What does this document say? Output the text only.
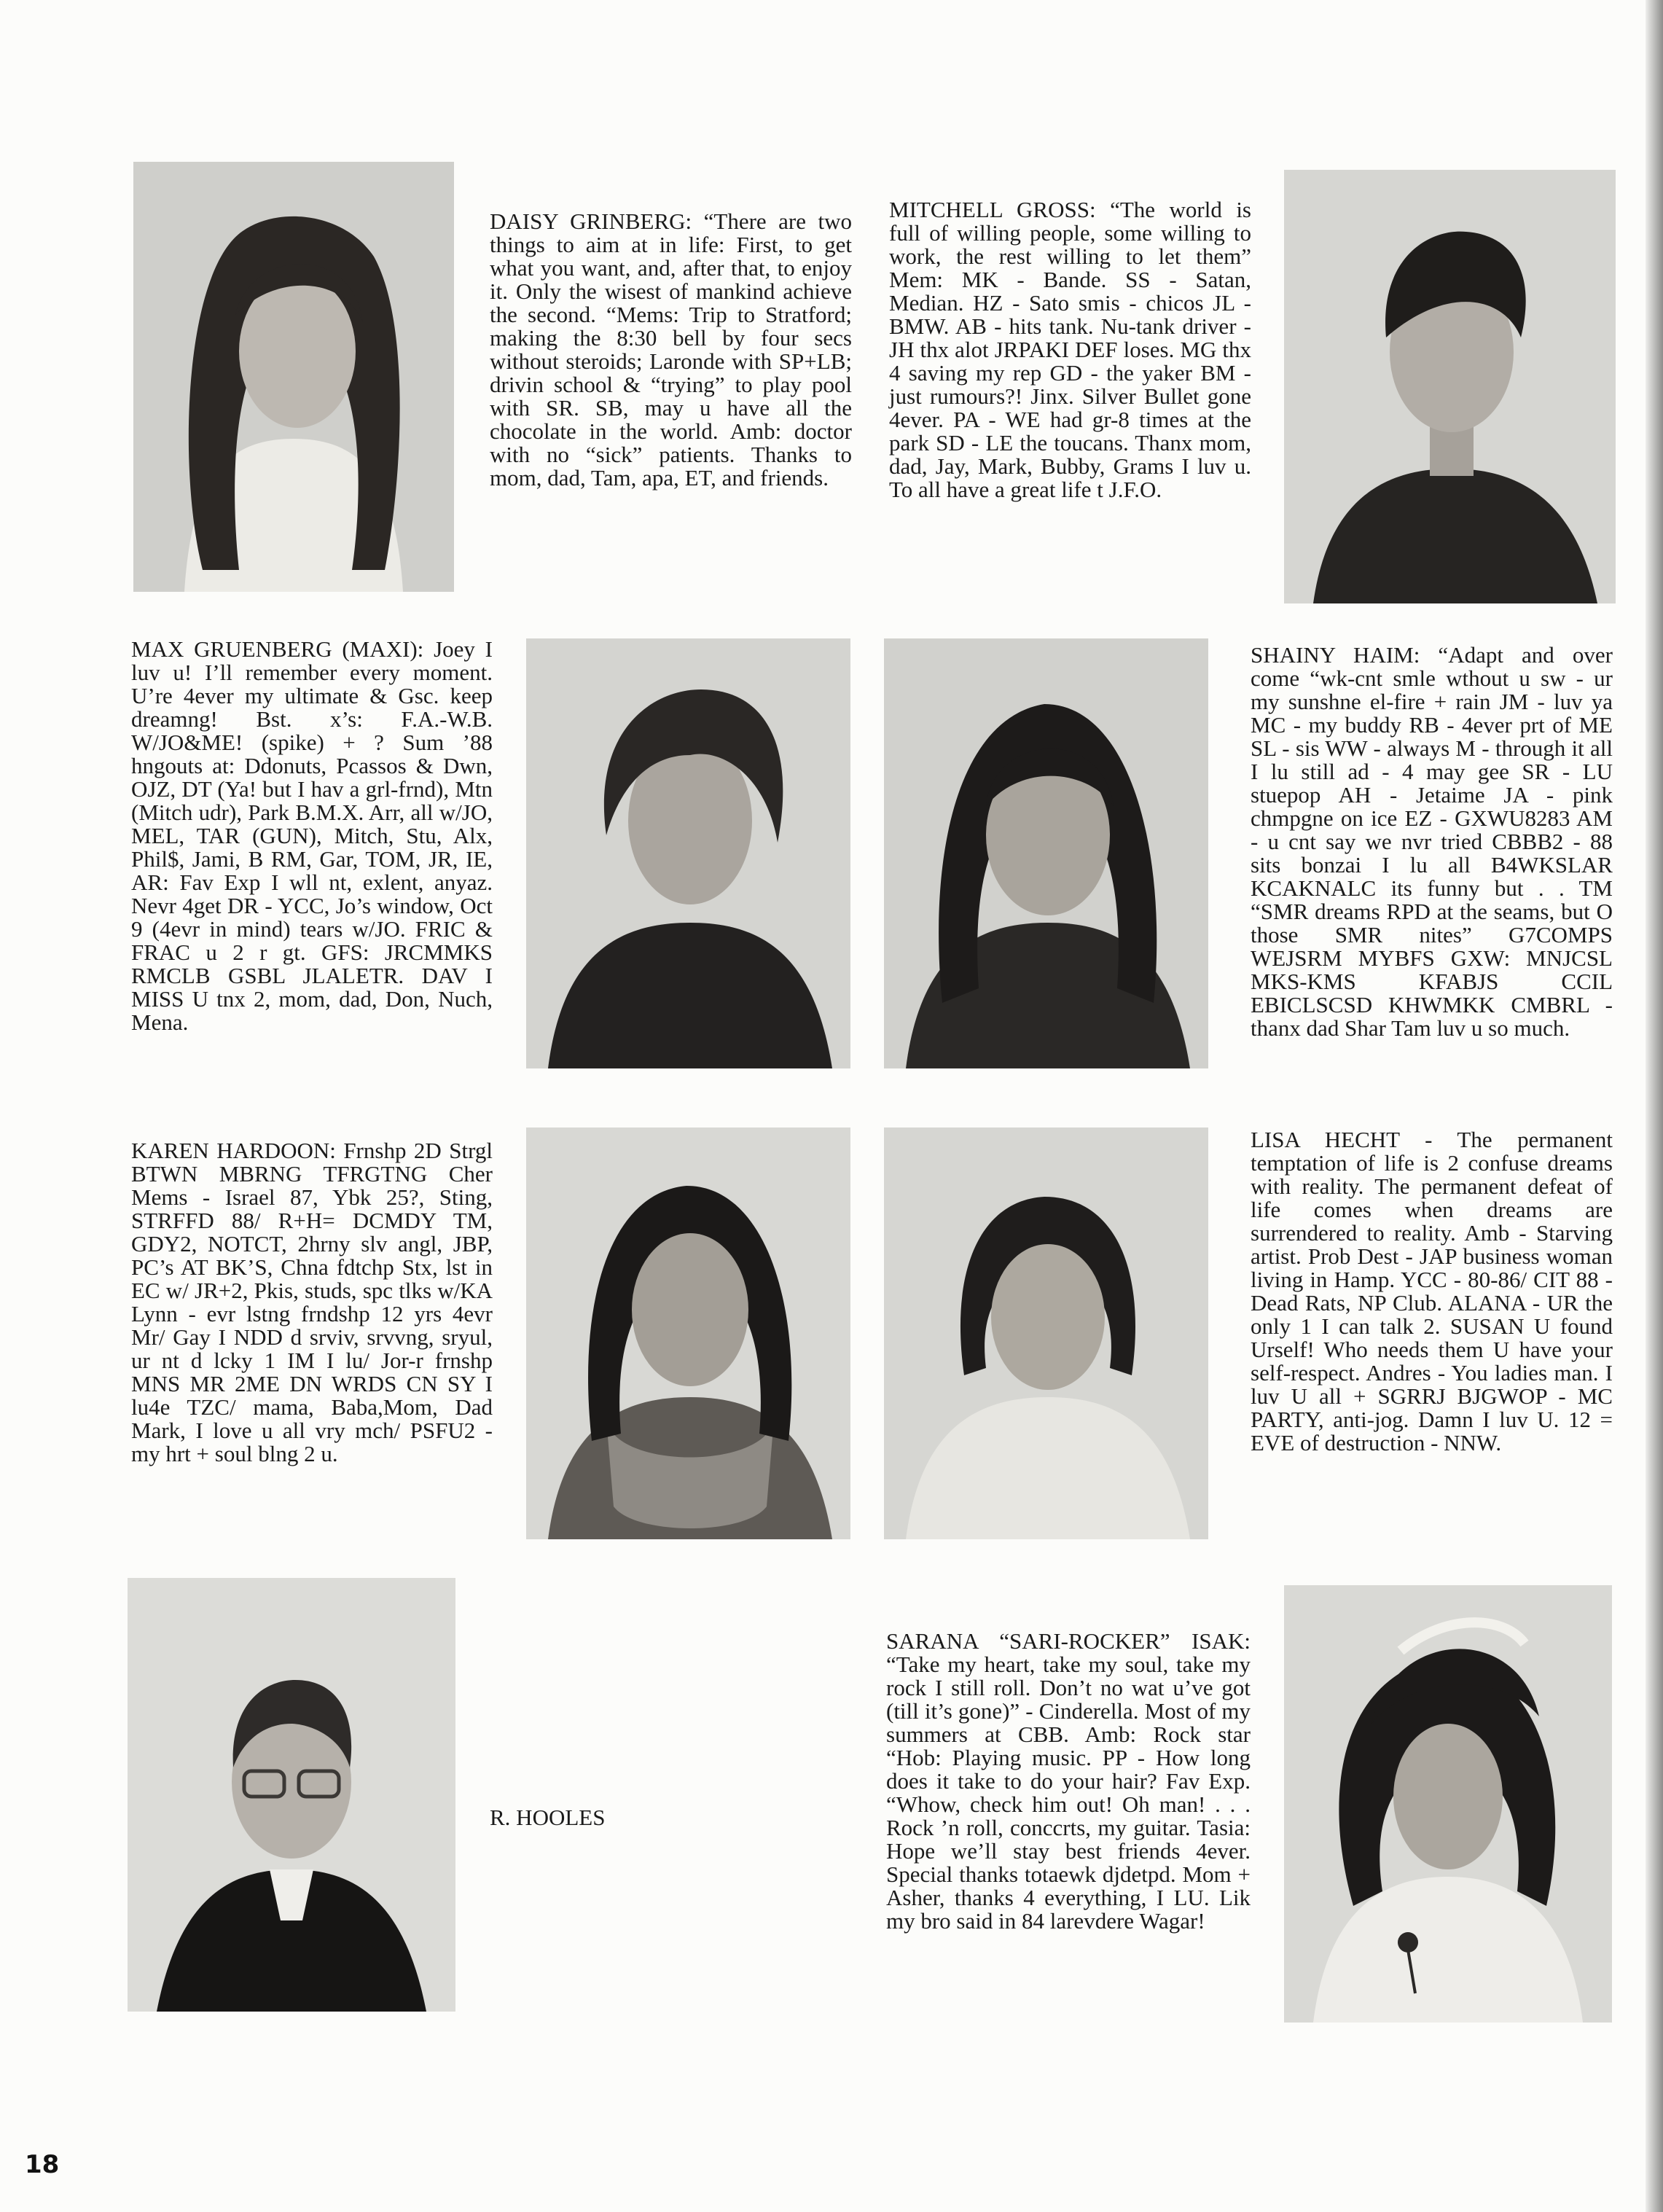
DAISY GRINBERG: “There are two things to aim at in life: First, to get what you want, and, after that, to enjoy it. Only the wisest of mankind achieve the second. “Mems: Trip to Stratford; making the 8:30 bell by four secs without steroids; Laronde with SP+LB; drivin school & “trying” to play pool with SR. SB, may u have all the chocolate in the world. Amb: doctor with no “sick” patients. Thanks to mom, dad, Tam, apa, ET, and friends.
MITCHELL GROSS: “The world is full of willing people, some willing to work, the rest willing to let them” Mem: MK - Bande. SS - Satan, Median. HZ - Sato smis - chicos JL - BMW. AB - hits tank. Nu-tank driver - JH thx alot JRPAKI DEF loses. MG thx 4 saving my rep GD - the yaker BM - just rumours?! Jinx. Silver Bullet gone 4ever. PA - WE had gr-8 times at the park SD - LE the toucans. Thanx mom, dad, Jay, Mark, Bubby, Grams I luv u. To all have a great life t J.F.O.
MAX GRUENBERG (MAXI): Joey I luv u! I’ll remember every moment. U’re 4ever my ultimate & Gsc. keep dreamng! Bst. x’s: F.A.-W.B. W/JO&ME! (spike) + ? Sum ’88 hngouts at: Ddonuts, Pcassos & Dwn, OJZ, DT (Ya! but I hav a grl-frnd), Mtn (Mitch udr), Park B.M.X. Arr, all w/JO, MEL, TAR (GUN), Mitch, Stu, Alx, Phil$, Jami, B RM, Gar, TOM, JR, IE, AR: Fav Exp I wll nt, exlent, anyaz. Nevr 4get DR - YCC, Jo’s window, Oct 9 (4evr in mind) tears w/JO. FRIC & FRAC u 2 r gt. GFS: JRCMMKS RMCLB GSBL JLALETR. DAV I MISS U tnx 2, mom, dad, Don, Nuch, Mena.
SHAINY HAIM: “Adapt and over come “wk-cnt smle wthout u sw - ur my sunshne el-fire + rain JM - luv ya MC - my buddy RB - 4ever prt of ME SL - sis WW - always M - through it all I lu still ad - 4 may gee SR - LU stuepop AH - Jetaime JA - pink chmpgne on ice EZ - GXWU8283 AM - u cnt say we nvr tried CBBB2 - 88 sits bonzai I lu all B4WKSLAR KCAKNALC its funny but . . TM “SMR dreams RPD at the seams, but O those SMR nites” G7COMPS WEJSRM MYBFS GXW: MNJCSL MKS-KMS KFABJS CCIL EBICLSCSD KHWMKK CMBRL - thanx dad Shar Tam luv u so much.
KAREN HARDOON: Frnshp 2D Strgl BTWN MBRNG TFRGTNG Cher Mems - Israel 87, Ybk 25?, Sting, STRFFD 88/ R+H= DCMDY TM, GDY2, NOTCT, 2hrny slv angl, JBP, PC’s AT BK’S, Chna fdtchp Stx, lst in EC w/ JR+2, Pkis, studs, spc tlks w/KA Lynn - evr lstng frndshp 12 yrs 4evr Mr/ Gay I NDD d srviv, srvvng, sryul, ur nt d lcky 1 IM I lu/ Jor-r frnshp MNS MR 2ME DN WRDS CN SY I lu4e TZC/ mama, Baba,Mom, Dad Mark, I love u all vry mch/ PSFU2 - my hrt + soul blng 2 u.
LISA HECHT - The permanent temptation of life is 2 confuse dreams with reality. The permanent defeat of life comes when dreams are surrendered to reality. Amb - Starving artist. Prob Dest - JAP business woman living in Hamp. YCC - 80-86/ CIT 88 - Dead Rats, NP Club. ALANA - UR the only 1 I can talk 2. SUSAN U found Urself! Who needs them U have your self-respect. Andres - You ladies man. I luv U all + SGRRJ BJGWOP - MC PARTY, anti-jog. Damn I luv U. 12 = EVE of destruction - NNW.
R. HOOLES
SARANA “SARI-ROCKER” ISAK: “Take my heart, take my soul, take my rock I still roll. Don’t no wat u’ve got (till it’s gone)” - Cinderella. Most of my summers at CBB. Amb: Rock star “Hob: Playing music. PP - How long does it take to do your hair? Fav Exp. “Whow, check him out! Oh man! . . . Rock ’n roll, conccrts, my guitar. Tasia: Hope we’ll stay best friends 4ever. Special thanks totaewk djdetpd. Mom + Asher, thanks 4 everything, I LU. Lik my bro said in 84 larevdere Wagar!
18
